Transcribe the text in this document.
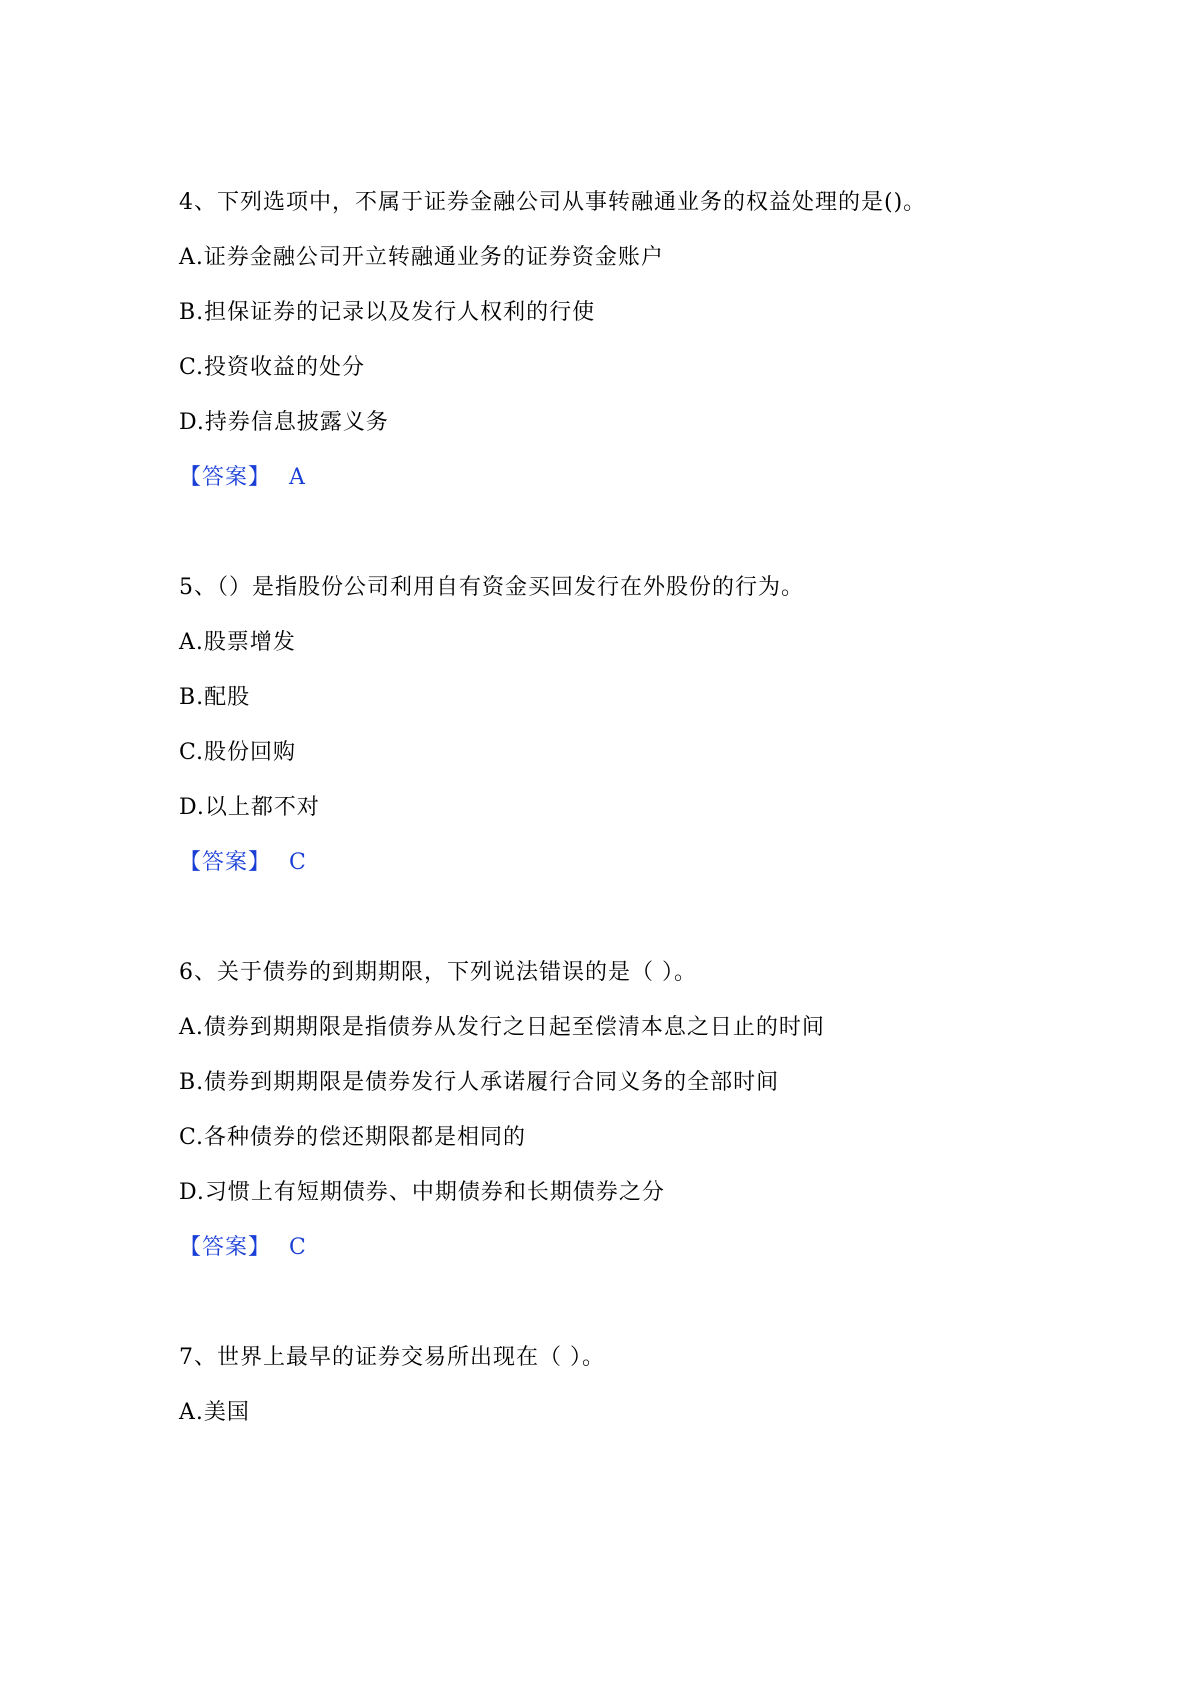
4、下列选项中，不属于证券金融公司从事转融通业务的权益处理的是()。
A.证券金融公司开立转融通业务的证券资金账户
B.担保证券的记录以及发行人权利的行使
C.投资收益的处分
D.持券信息披露义务
【答案】 A
5、（）是指股份公司利用自有资金买回发行在外股份的行为。
A.股票增发
B.配股
C.股份回购
D.以上都不对
【答案】 C
6、关于债券的到期期限，下列说法错误的是（ ）。
A.债券到期期限是指债券从发行之日起至偿清本息之日止的时间
B.债券到期期限是债券发行人承诺履行合同义务的全部时间
C.各种债券的偿还期限都是相同的
D.习惯上有短期债券、中期债券和长期债券之分
【答案】 C
7、世界上最早的证券交易所出现在（ ）。
A.美国
